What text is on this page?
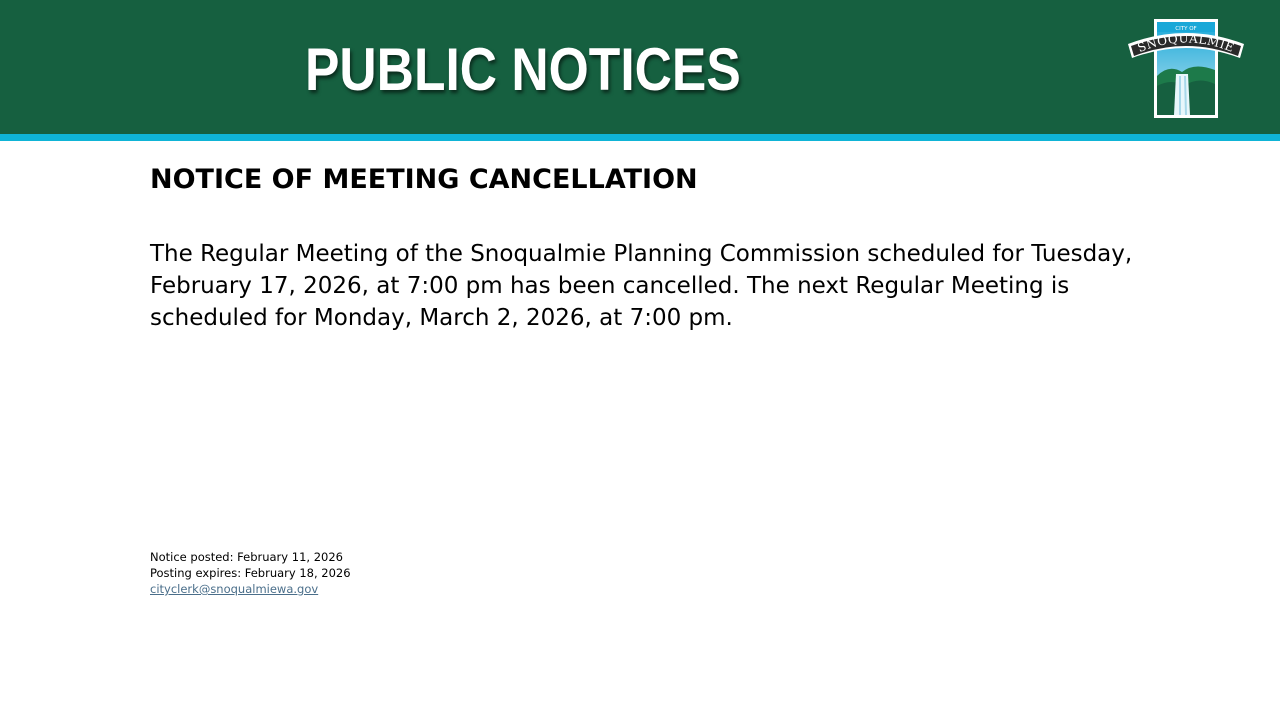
PUBLIC NOTICES
CITY OF
SNOQUALMIE
NOTICE OF MEETING CANCELLATION

The Regular Meeting of the Snoqualmie Planning Commission scheduled for Tuesday, February 17, 2026, at 7:00 pm has been cancelled. The next Regular Meeting is scheduled for Monday, March 2, 2026, at 7:00 pm.

Notice posted: February 11, 2026
Posting expires: February 18, 2026
cityclerk@snoqualmiewa.gov
